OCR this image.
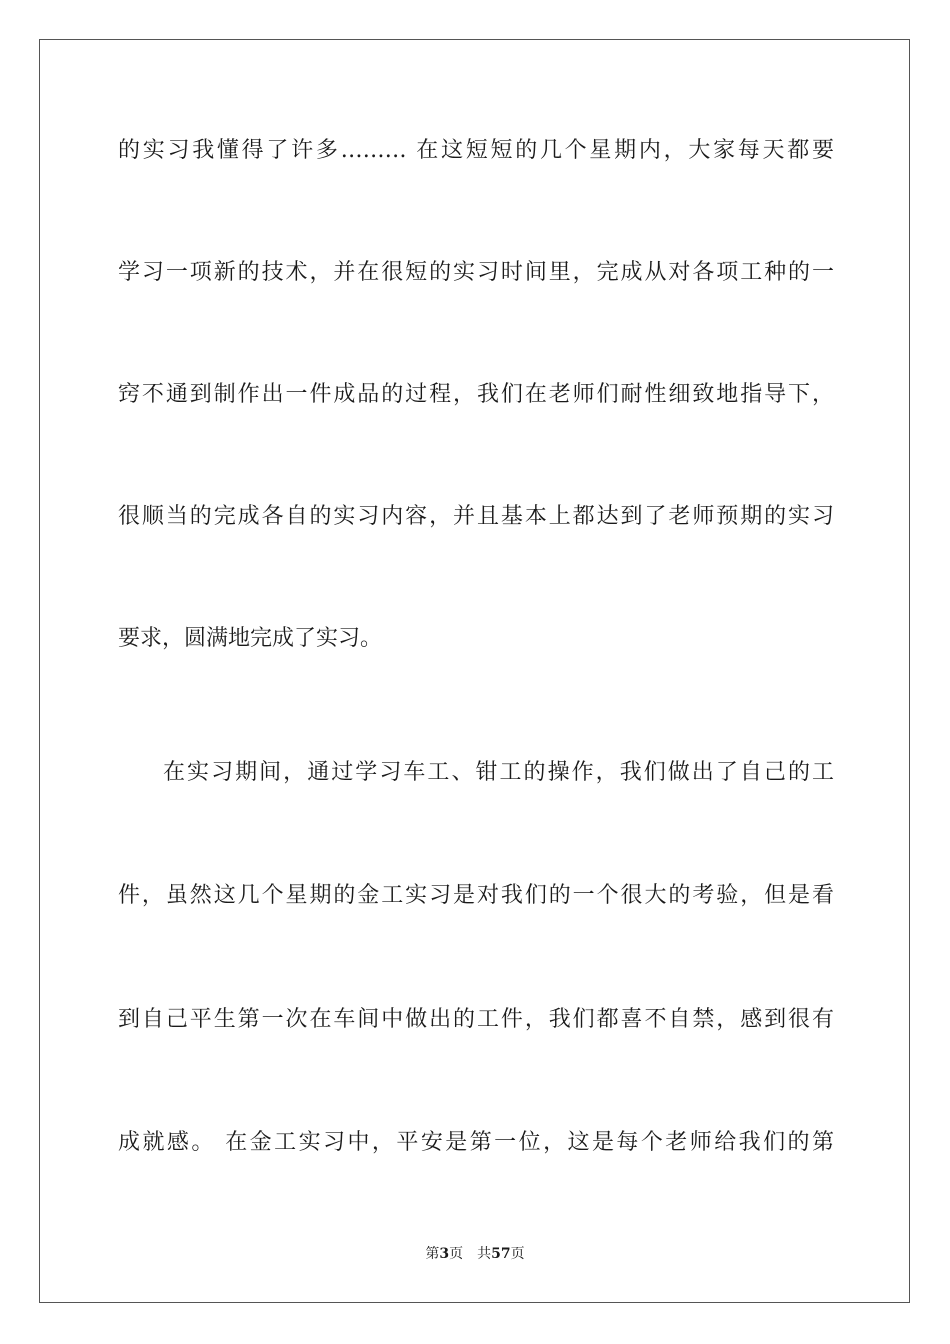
的实习我懂得了许多……… 在这短短的几个星期内，大家每天都要
学习一项新的技术，并在很短的实习时间里，完成从对各项工种的一
窍不通到制作出一件成品的过程，我们在老师们耐性细致地指导下，
很顺当的完成各自的实习内容，并且基本上都达到了老师预期的实习
要求，圆满地完成了实习。
在实习期间，通过学习车工、钳工的操作，我们做出了自己的工
件，虽然这几个星期的金工实习是对我们的一个很大的考验，但是看
到自己平生第一次在车间中做出的工件，我们都喜不自禁，感到很有
成就感。 在金工实习中，平安是第一位，这是每个老师给我们的第
第3页 共57页
